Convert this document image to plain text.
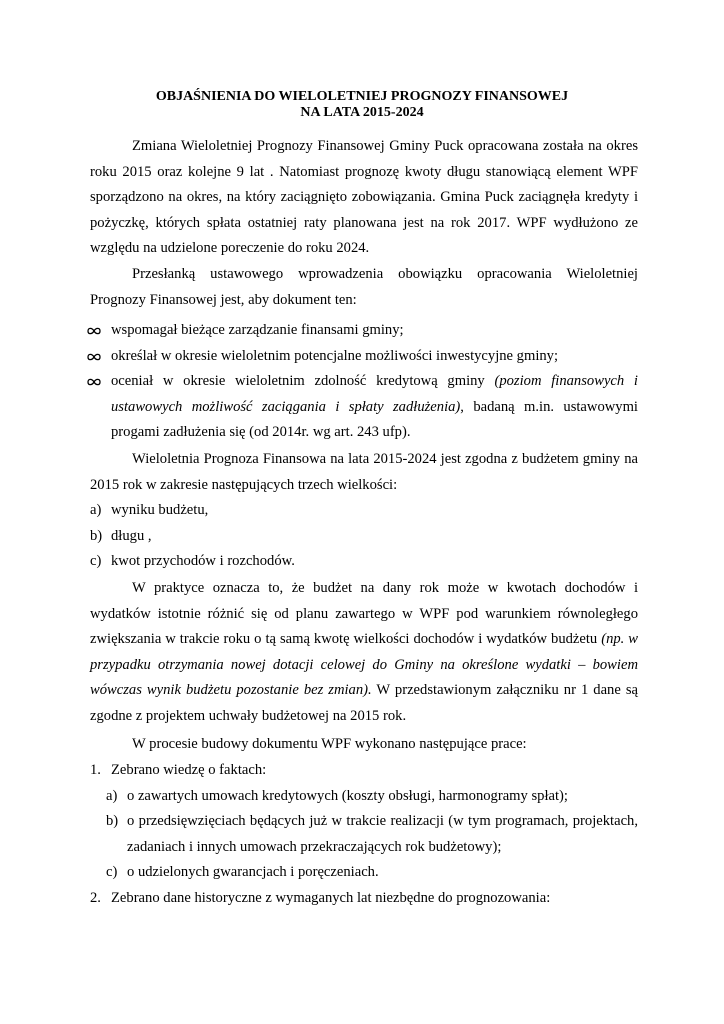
OBJAŚNIENIA DO WIELOLETNIEJ PROGNOZY FINANSOWEJ
NA LATA 2015-2024
Zmiana Wieloletniej Prognozy Finansowej Gminy Puck opracowana została na okres roku 2015 oraz kolejne 9 lat . Natomiast prognozę kwoty długu stanowiącą element WPF sporządzono na okres, na który zaciągnięto zobowiązania. Gmina Puck zaciągnęła kredyty i pożyczkę, których spłata ostatniej raty planowana jest na rok 2017. WPF wydłużono ze względu na udzielone poreczenie do roku 2024.
Przesłanką ustawowego wprowadzenia obowiązku opracowania Wieloletniej Prognozy Finansowej jest, aby dokument ten:
wspomagał bieżące zarządzanie finansami gminy;
określał w okresie wieloletnim potencjalne możliwości inwestycyjne gminy;
oceniał w okresie wieloletnim zdolność kredytową gminy (poziom finansowych i ustawowych możliwość zaciągania i spłaty zadłużenia), badaną m.in. ustawowymi progami zadłużenia się (od 2014r. wg art. 243 ufp).
Wieloletnia Prognoza Finansowa na lata 2015-2024 jest zgodna z budżetem gminy na 2015 rok w zakresie następujących trzech wielkości:
a) wyniku budżetu,
b) długu ,
c) kwot przychodów i rozchodów.
W praktyce oznacza to, że budżet na dany rok może w kwotach dochodów i wydatków istotnie różnić się od planu zawartego w WPF pod warunkiem równoległego zwiększania w trakcie roku o tą samą kwotę wielkości dochodów i wydatków budżetu (np. w przypadku otrzymania nowej dotacji celowej do Gminy na określone wydatki – bowiem wówczas wynik budżetu pozostanie bez zmian). W przedstawionym załączniku nr 1 dane są zgodne z projektem uchwały budżetowej na 2015 rok.
W procesie budowy dokumentu WPF wykonano następujące prace:
1. Zebrano wiedzę o faktach:
a) o zawartych umowach kredytowych (koszty obsługi, harmonogramy spłat);
b) o przedsięwzięciach będących już w trakcie realizacji (w tym programach, projektach, zadaniach i innych umowach przekraczających rok budżetowy);
c) o udzielonych gwarancjach i poręczeniach.
2. Zebrano dane historyczne z wymaganych lat niezbędne do prognozowania:
